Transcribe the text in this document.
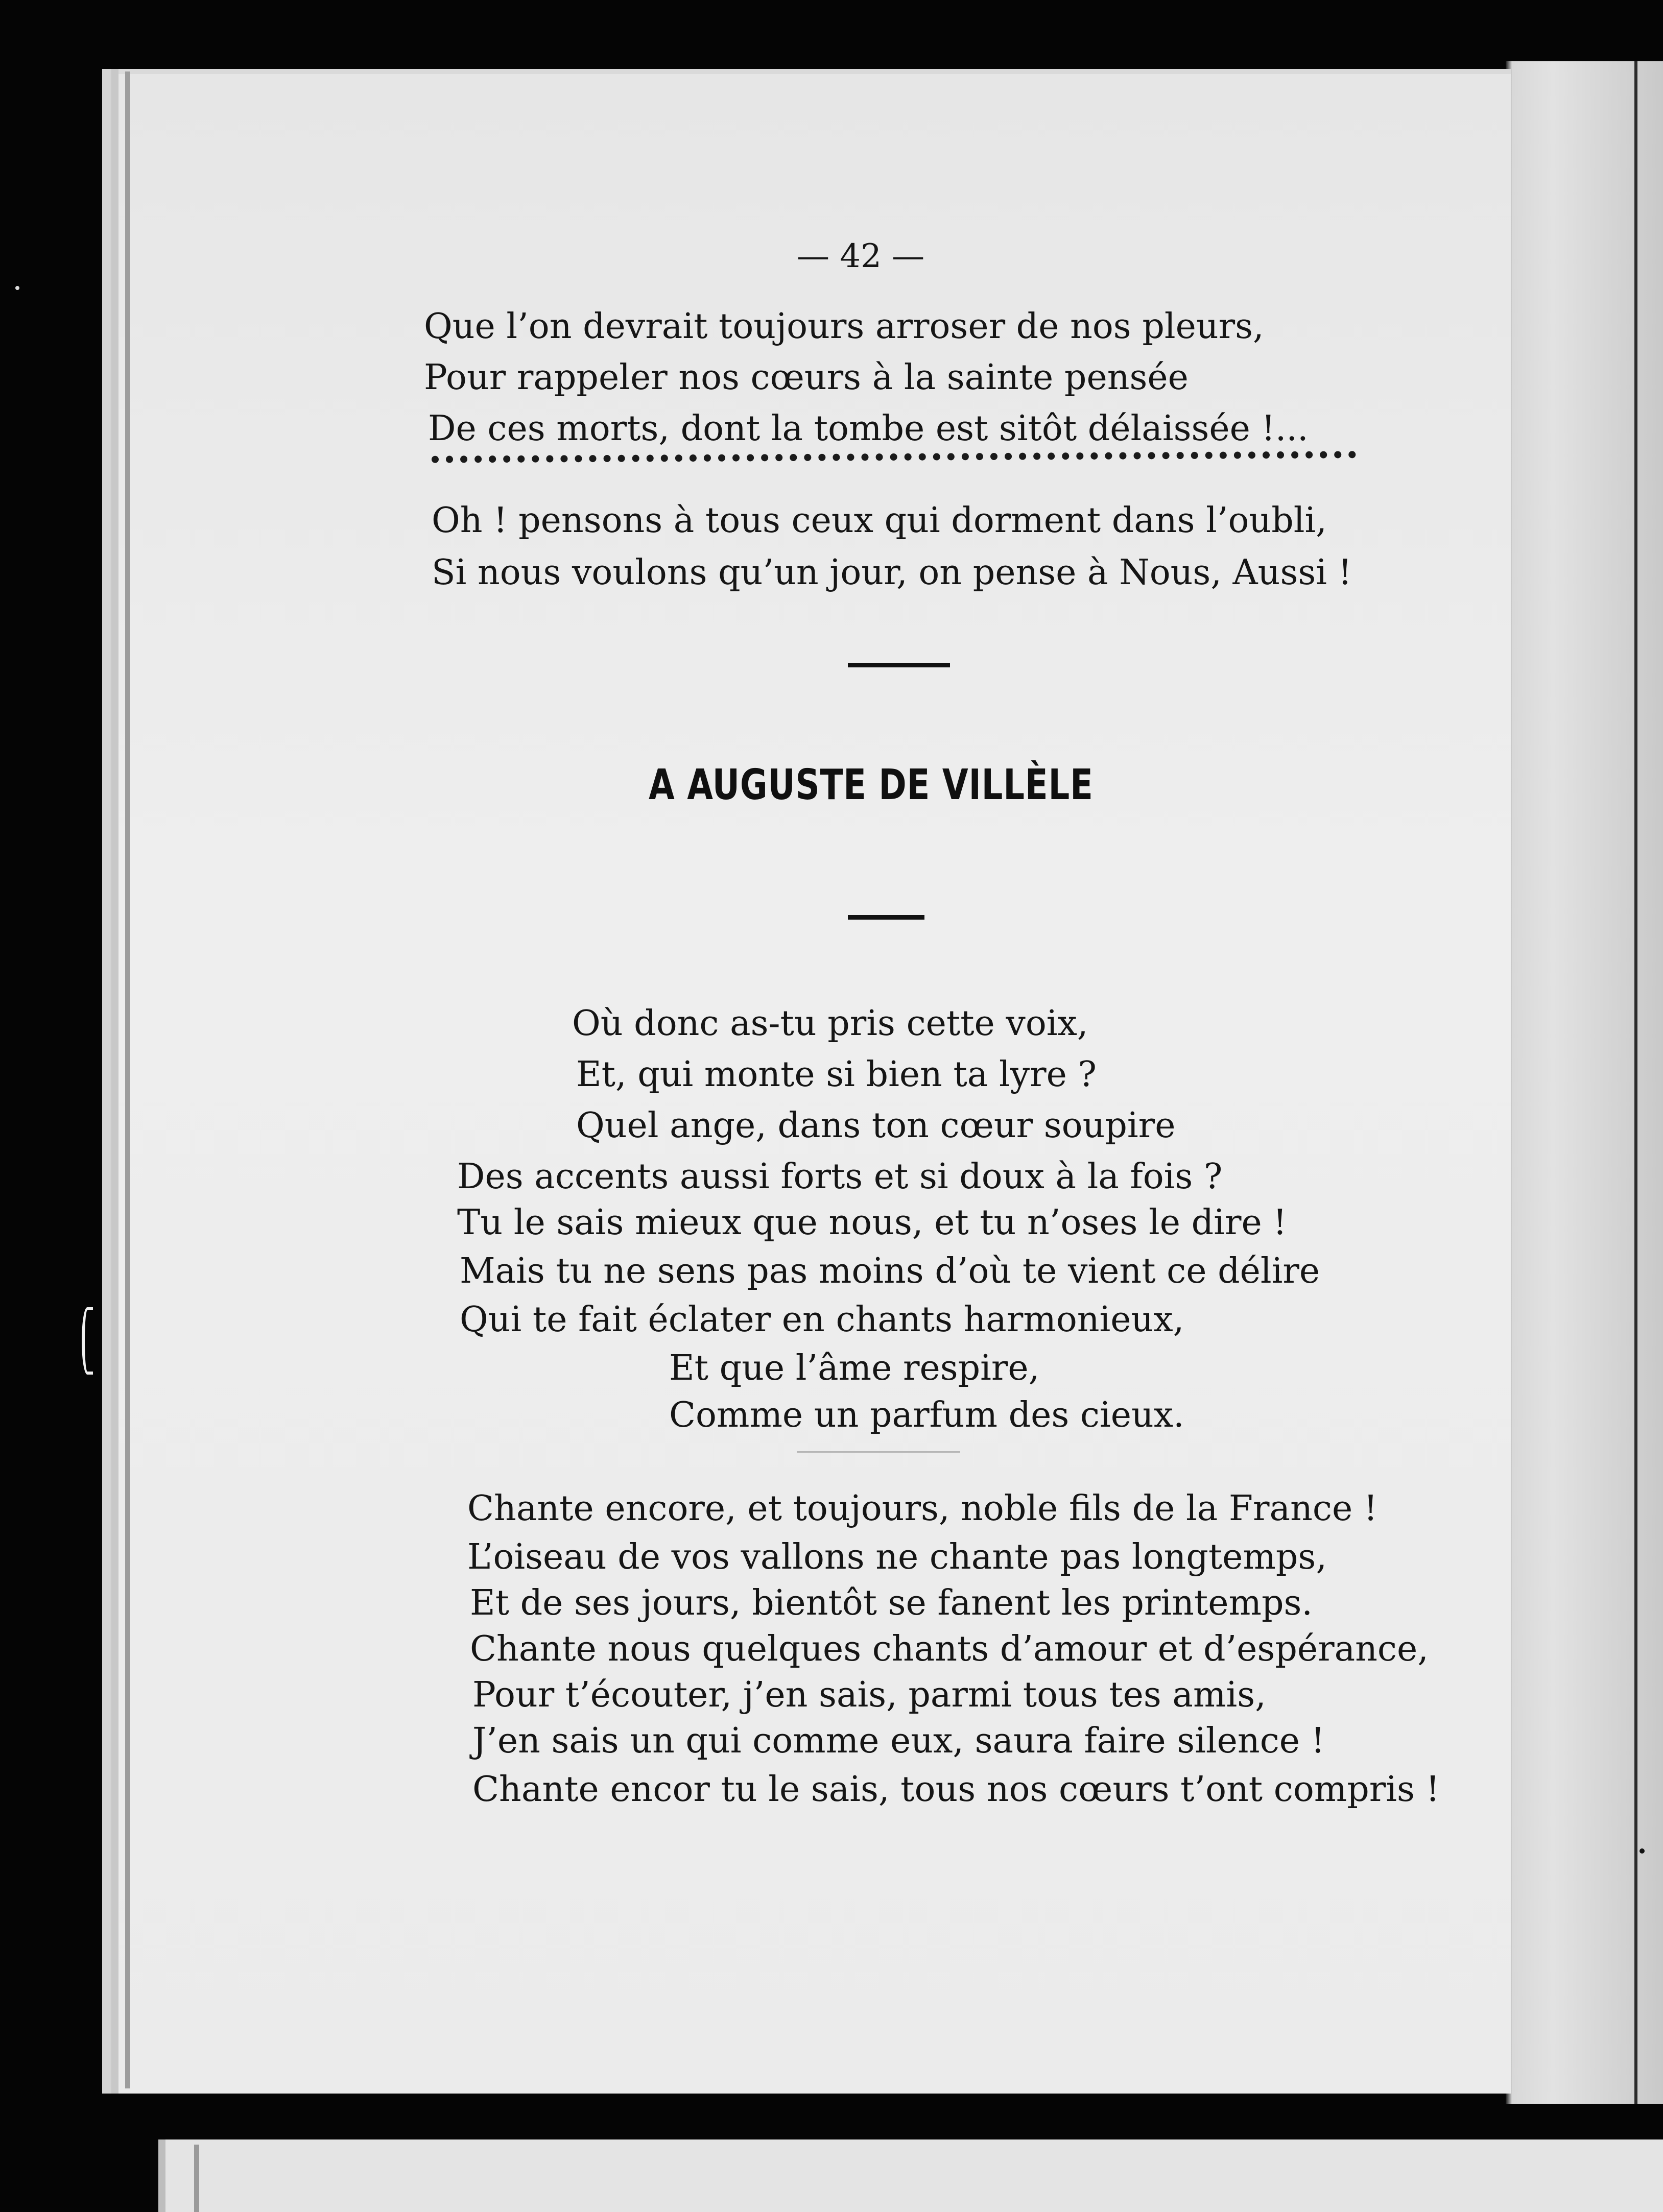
— 42 —
Que l’on devrait toujours arroser de nos pleurs,
Pour rappeler nos cœurs à la sainte pensée
De ces morts, dont la tombe est sitôt délaissée !...
Oh ! pensons à tous ceux qui dorment dans l’oubli,
Si nous voulons qu’un jour, on pense à Nous, Aussi !
A AUGUSTE DE VILLÈLE
Où donc as-tu pris cette voix,
Et, qui monte si bien ta lyre ?
Quel ange, dans ton cœur soupire
Des accents aussi forts et si doux à la fois ?
Tu le sais mieux que nous, et tu n’oses le dire !
Mais tu ne sens pas moins d’où te vient ce délire
Qui te fait éclater en chants harmonieux,
Et que l’âme respire,
Comme un parfum des cieux.
Chante encore, et toujours, noble fils de la France !
L’oiseau de vos vallons ne chante pas longtemps,
Et de ses jours, bientôt se fanent les printemps.
Chante nous quelques chants d’amour et d’espérance,
Pour t’écouter, j’en sais, parmi tous tes amis,
J’en sais un qui comme eux, saura faire silence !
Chante encor tu le sais, tous nos cœurs t’ont compris !
